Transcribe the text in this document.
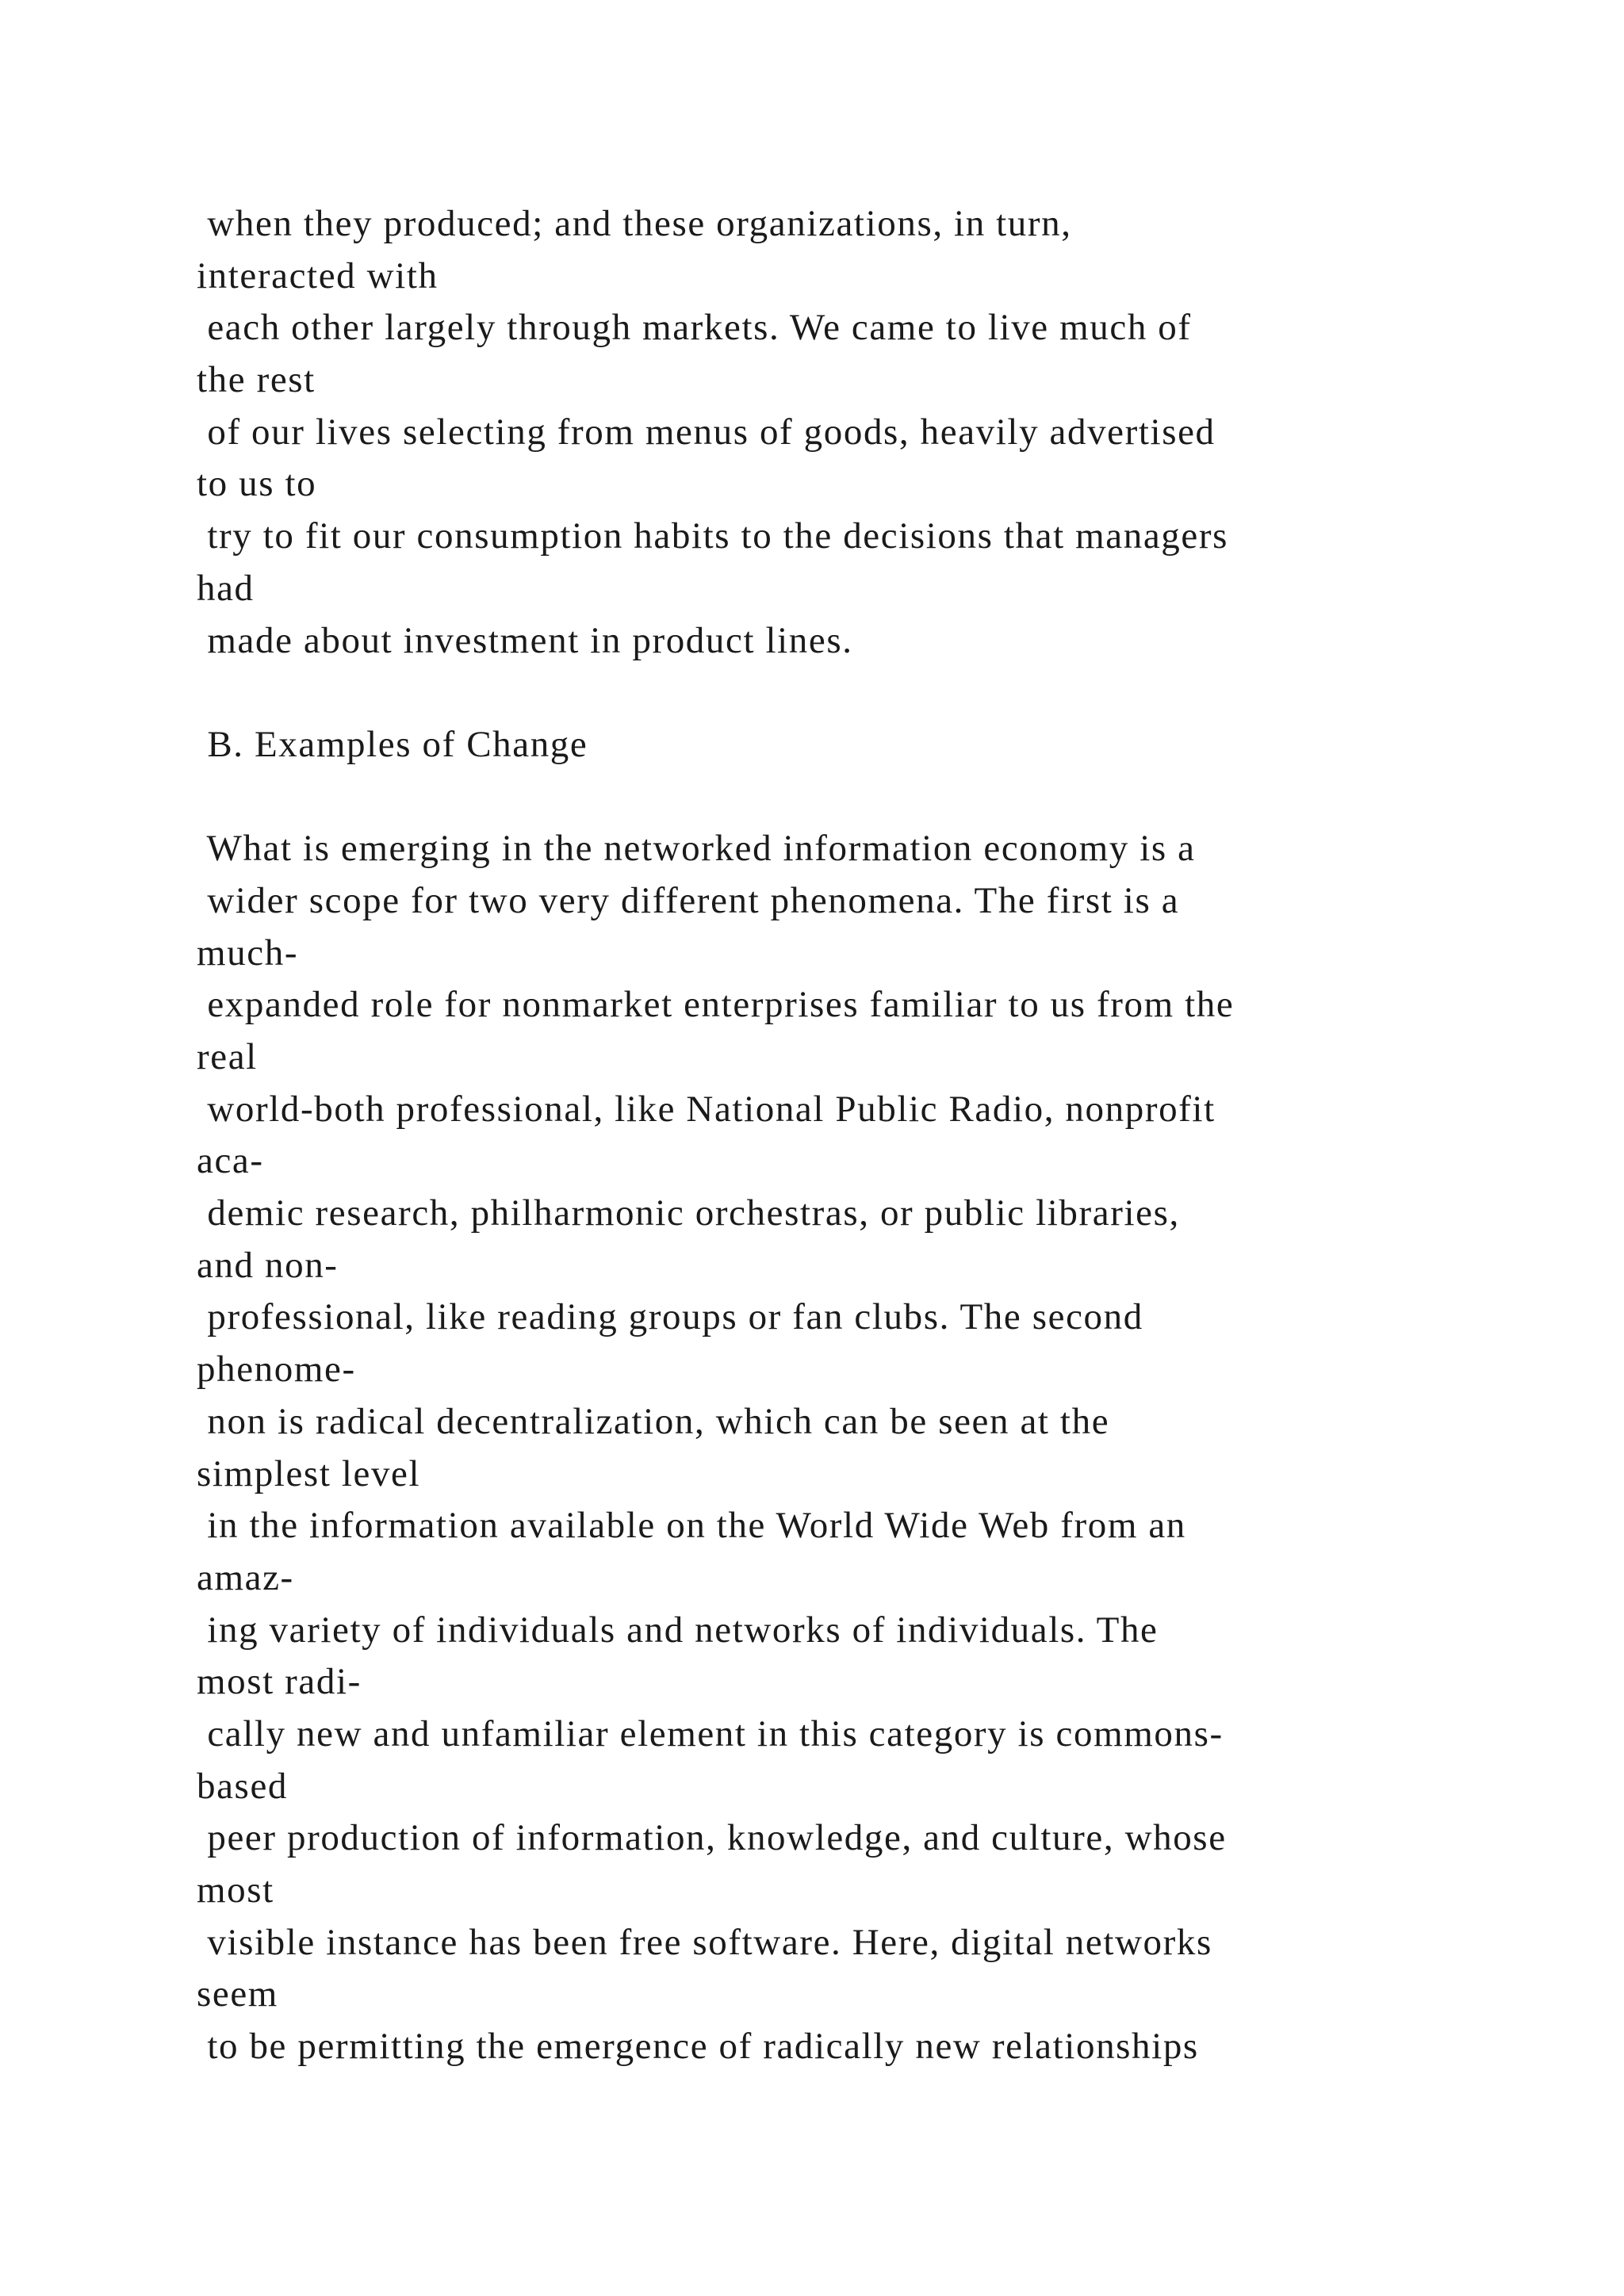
when they produced; and these organizations, in turn,
interacted with
each other largely through markets. We came to live much of
the rest
of our lives selecting from menus of goods, heavily advertised
to us to
try to fit our consumption habits to the decisions that managers
had
made about investment in product lines.
B. Examples of Change
What is emerging in the networked information economy is a
wider scope for two very different phenomena. The first is a
much-
expanded role for nonmarket enterprises familiar to us from the
real
world-both professional, like National Public Radio, nonprofit
aca-
demic research, philharmonic orchestras, or public libraries,
and non-
professional, like reading groups or fan clubs. The second
phenome-
non is radical decentralization, which can be seen at the
simplest level
in the information available on the World Wide Web from an
amaz-
ing variety of individuals and networks of individuals. The
most radi-
cally new and unfamiliar element in this category is commons-
based
peer production of information, knowledge, and culture, whose
most
visible instance has been free software. Here, digital networks
seem
to be permitting the emergence of radically new relationships
